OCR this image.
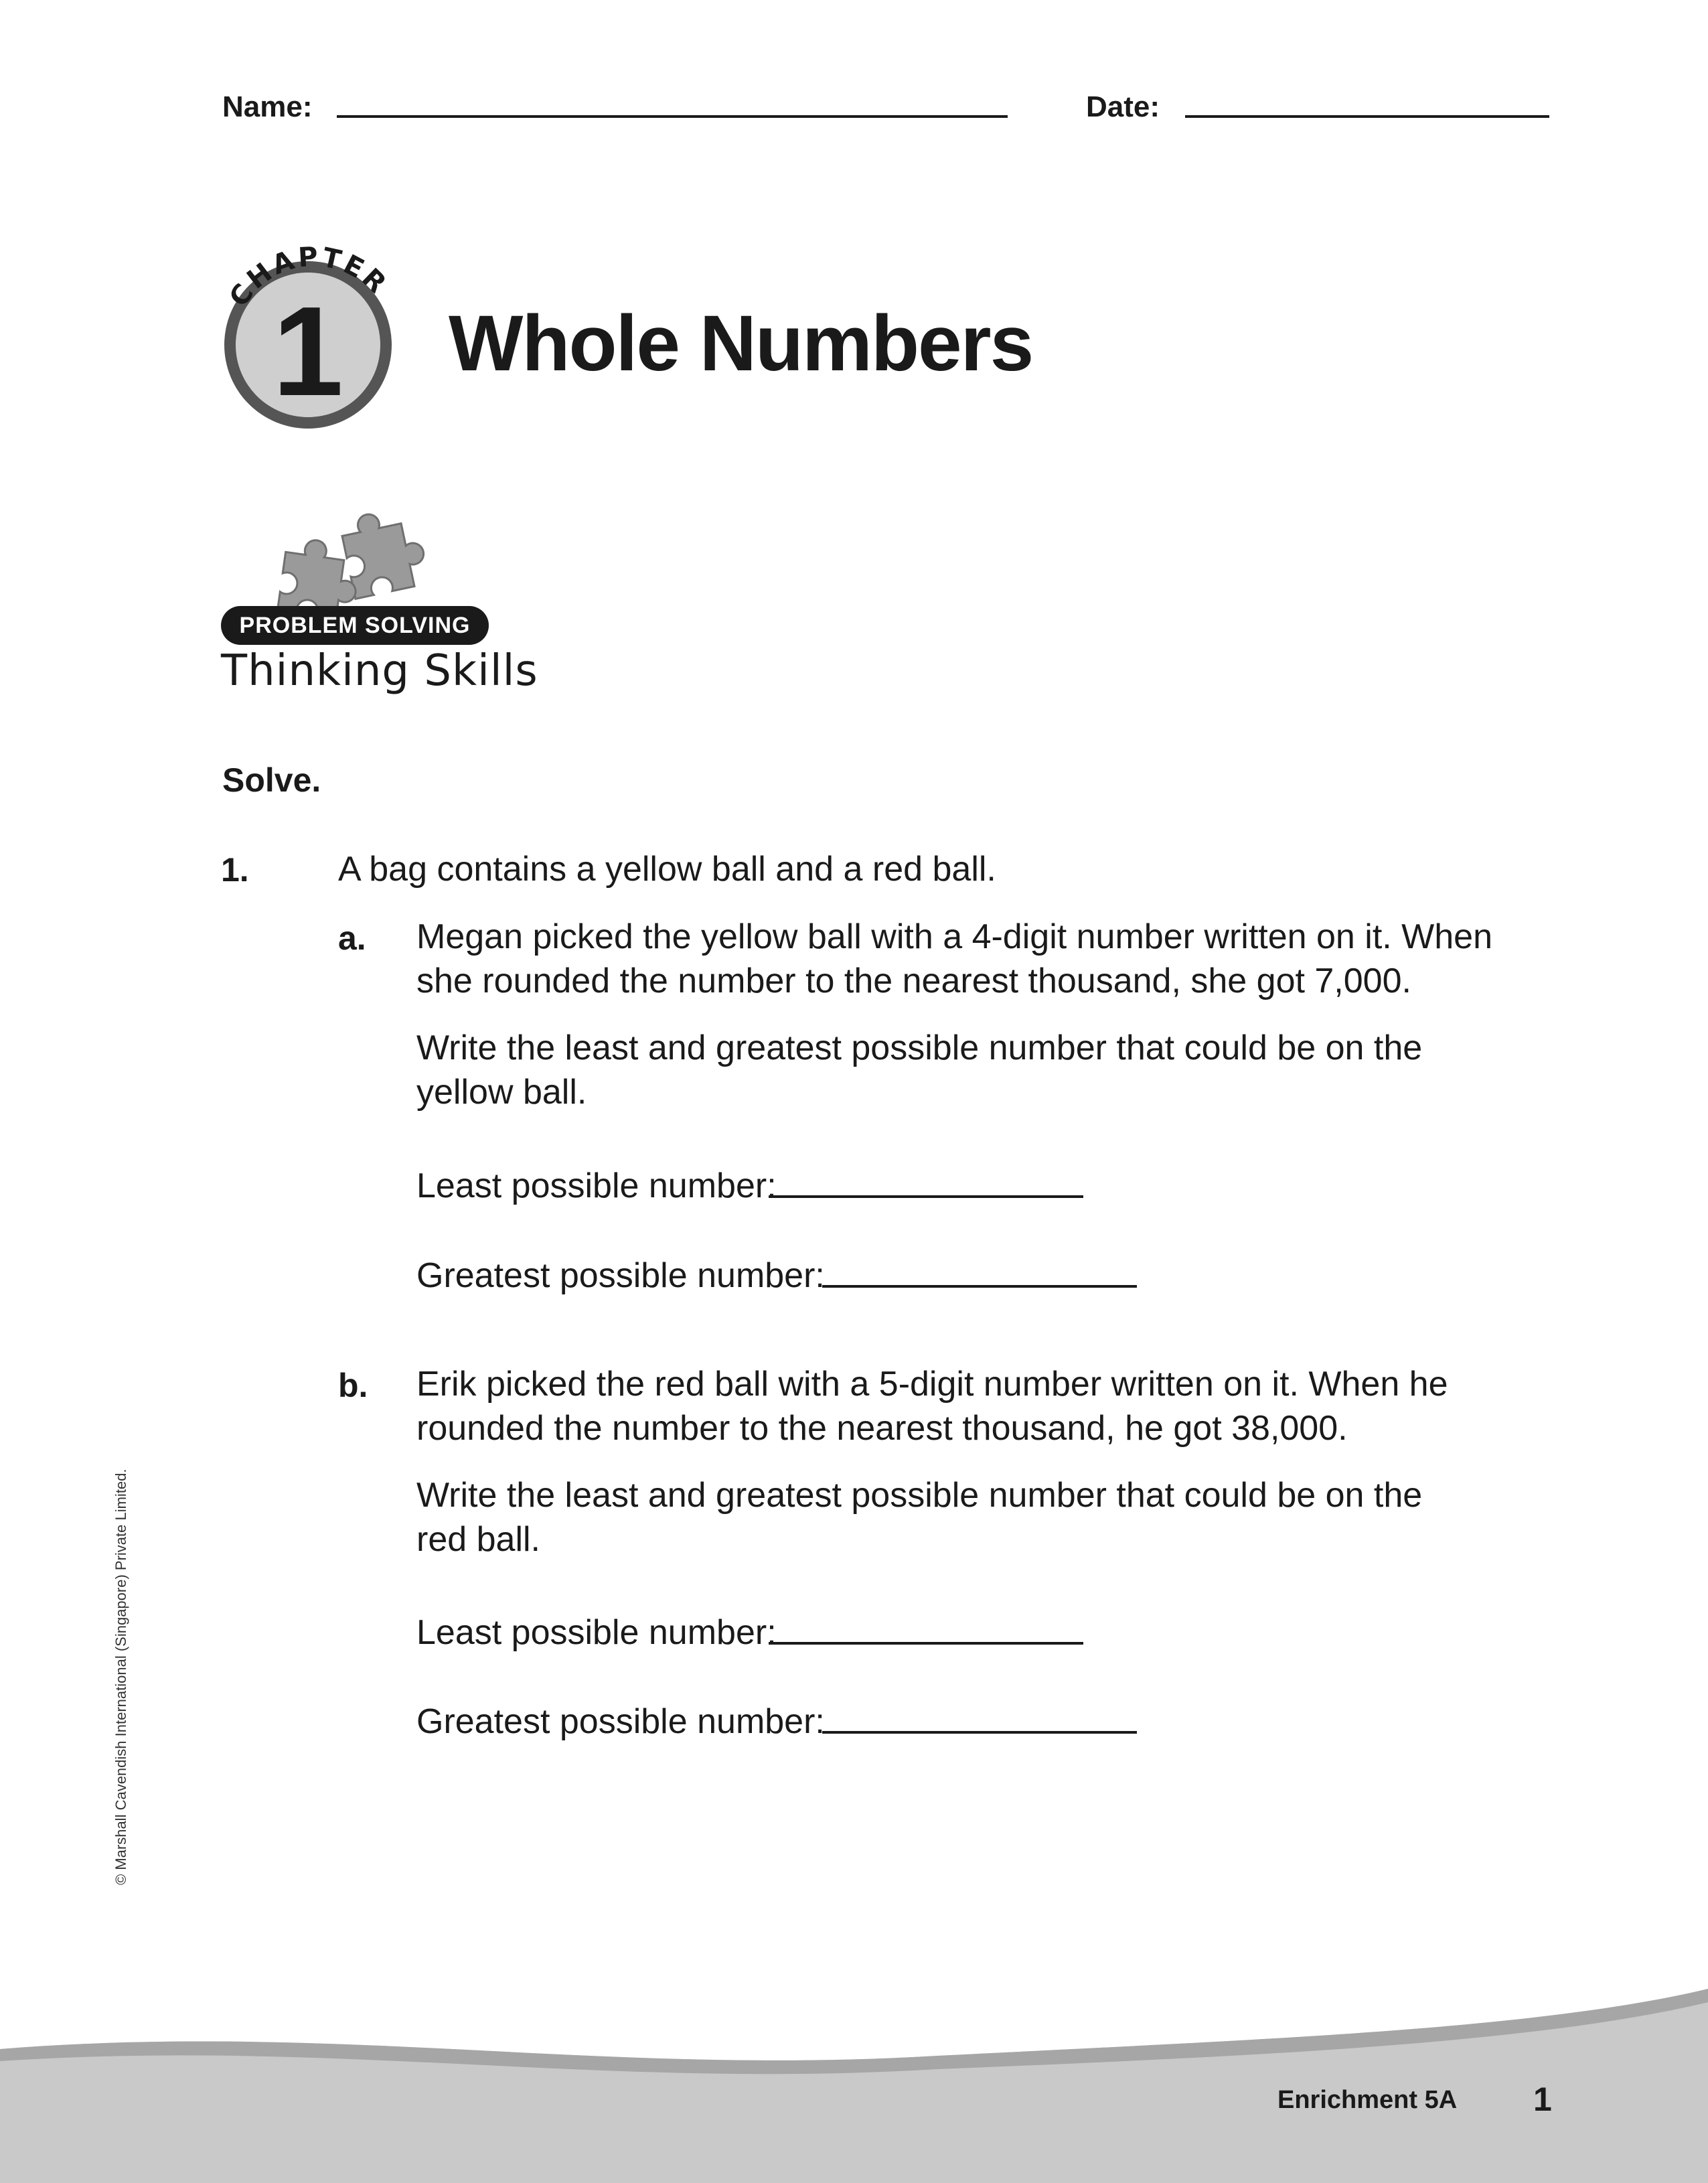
Name:	Date:
CHAPTER
1 Whole Numbers
PROBLEM SOLVING
Thinking Skills
Solve.
1.	A bag contains a yellow ball and a red ball.
a. Megan picked the yellow ball with a 4-digit number written on it. When
she rounded the number to the nearest thousand, she got 7,000.
Write the least and greatest possible number that could be on the
yellow ball.
Least possible number:
Greatest possible number:
b. Erik picked the red ball with a 5-digit number written on it. When he
rounded the number to the nearest thousand, he got 38,000.
Write the least and greatest possible number that could be on the
red ball.
Least possible number:
Greatest possible number:
© Marshall Cavendish International (Singapore) Private Limited.
Enrichment 5A 1
